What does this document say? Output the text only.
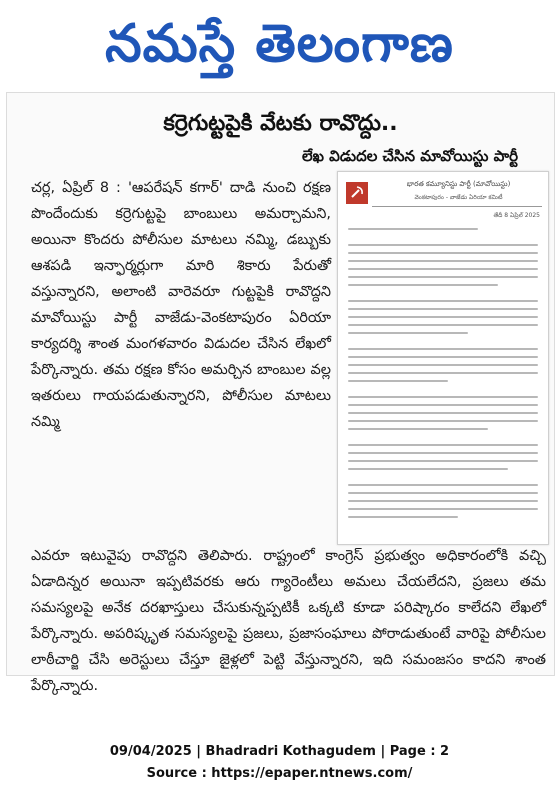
నమస్తే తెలంగాణ
కర్రెగుట్టపైకి వేటకు రావొద్దు..
లేఖ విడుదల చేసిన మావోయిస్టు పార్టీ
చర్ల, ఏప్రిల్ 8 : 'ఆపరేషన్ కగార్' దాడి నుంచి రక్షణ పొందేందుకు కర్రెగుట్టపై బాంబులు అమర్చామని, అయినా కొందరు పోలీసుల మాటలు నమ్మి, డబ్బుకు ఆశపడి ఇన్ఫార్మర్లుగా మారి శికారు పేరుతో వస్తున్నారని, అలాంటి వారెవరూ గుట్టపైకి రావొద్దని మావోయిస్టు పార్టీ వాజేడు-వెంకటాపురం ఏరియా కార్యదర్శి శాంత మంగళవారం విడుదల చేసిన లేఖలో పేర్కొన్నారు. తమ రక్షణ కోసం అమర్చిన బాంబుల వల్ల ఇతరులు గాయపడుతున్నారని, పోలీసుల మాటలు నమ్మి
భారత కమ్యూనిస్టు పార్టీ (మావోయిస్టు)
వెంకటాపురం - వాజేడు ఏరియా కమిటీ
తేదీ 8 ఏప్రిల్ 2025
ఎవరూ ఇటువైపు రావొద్దని తెలిపారు. రాష్ట్రంలో కాంగ్రెస్ ప్రభుత్వం అధికారంలోకి వచ్చి ఏడాదిన్నర అయినా ఇప్పటివరకు ఆరు గ్యారెంటీలు అమలు చేయలేదని, ప్రజలు తమ సమస్యలపై అనేక దరఖాస్తులు చేసుకున్నప్పటికీ ఒక్కటి కూడా పరిష్కారం కాలేదని లేఖలో పేర్కొన్నారు. అపరిష్కృత సమస్యలపై ప్రజలు, ప్రజాసంఘాలు పోరాడుతుంటే వారిపై పోలీసుల లాఠీచార్జి చేసి అరెస్టులు చేస్తూ జైళ్లలో పెట్టి వేస్తున్నారని, ఇది సమంజసం కాదని శాంత పేర్కొన్నారు.
09/04/2025 | Bhadradri Kothagudem | Page : 2
Source : https://epaper.ntnews.com/
